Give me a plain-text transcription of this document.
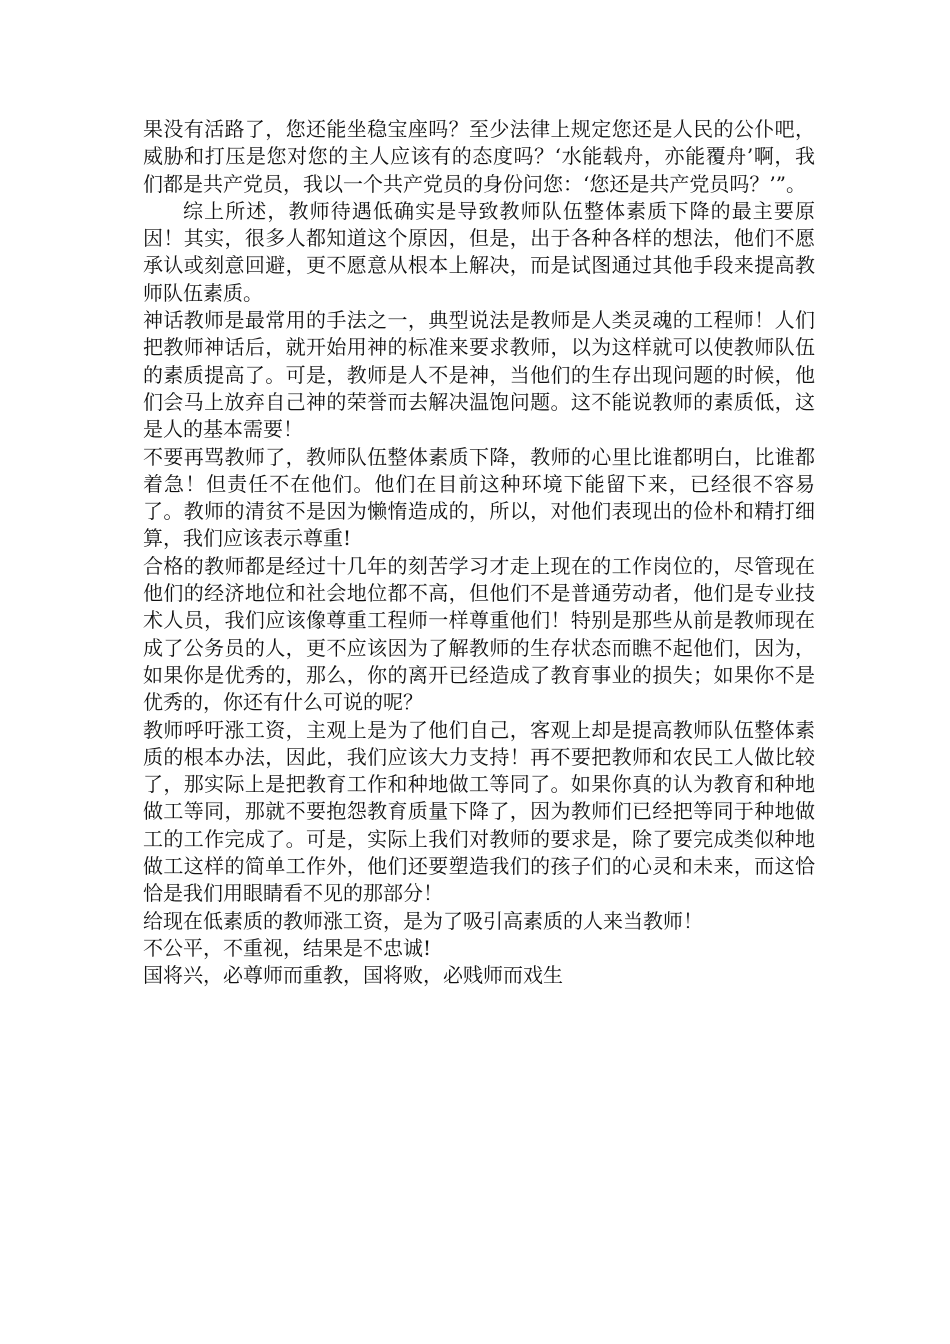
果没有活路了，您还能坐稳宝座吗？至少法律上规定您还是人民的公仆吧，威胁和打压是您对您的主人应该有的态度吗？‘水能载舟，亦能覆舟’啊，我们都是共产党员，我以一个共产党员的身份问您：‘您还是共产党员吗？’”。

综上所述，教师待遇低确实是导致教师队伍整体素质下降的最主要原因！其实，很多人都知道这个原因，但是，出于各种各样的想法，他们不愿承认或刻意回避，更不愿意从根本上解决，而是试图通过其他手段来提高教师队伍素质。

神话教师是最常用的手法之一，典型说法是教师是人类灵魂的工程师！人们把教师神话后，就开始用神的标准来要求教师，以为这样就可以使教师队伍的素质提高了。可是，教师是人不是神，当他们的生存出现问题的时候，他们会马上放弃自己神的荣誉而去解决温饱问题。这不能说教师的素质低，这是人的基本需要！

不要再骂教师了，教师队伍整体素质下降，教师的心里比谁都明白，比谁都着急！但责任不在他们。他们在目前这种环境下能留下来，已经很不容易了。教师的清贫不是因为懒惰造成的，所以，对他们表现出的俭朴和精打细算，我们应该表示尊重!

合格的教师都是经过十几年的刻苦学习才走上现在的工作岗位的，尽管现在他们的经济地位和社会地位都不高，但他们不是普通劳动者，他们是专业技术人员，我们应该像尊重工程师一样尊重他们！特别是那些从前是教师现在成了公务员的人，更不应该因为了解教师的生存状态而瞧不起他们，因为，如果你是优秀的，那么，你的离开已经造成了教育事业的损失；如果你不是优秀的，你还有什么可说的呢？

教师呼吁涨工资，主观上是为了他们自己，客观上却是提高教师队伍整体素质的根本办法，因此，我们应该大力支持！再不要把教师和农民工人做比较了，那实际上是把教育工作和种地做工等同了。如果你真的认为教育和种地做工等同，那就不要抱怨教育质量下降了，因为教师们已经把等同于种地做工的工作完成了。可是，实际上我们对教师的要求是，除了要完成类似种地做工这样的简单工作外，他们还要塑造我们的孩子们的心灵和未来，而这恰恰是我们用眼睛看不见的那部分！

给现在低素质的教师涨工资，是为了吸引高素质的人来当教师！

不公平，不重视，结果是不忠诚!

国将兴，必尊师而重教，国将败，必贱师而戏生
